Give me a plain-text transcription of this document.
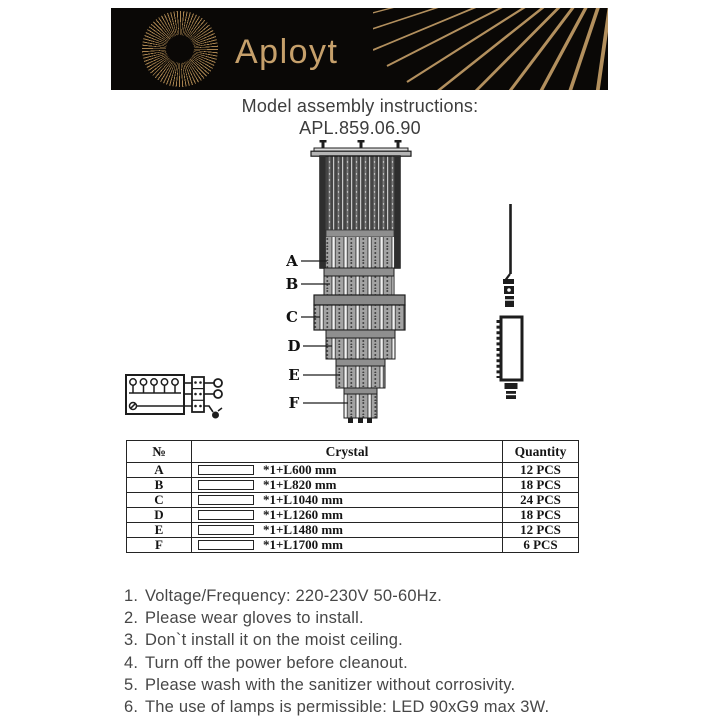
Aployt
Model assembly instructions:
APL.859.06.90
A
B
C
D
E
F
№	Crystal	Quantity
A	*1+L600 mm	12 PCS
B	*1+L820 mm	18 PCS
C	*1+L1040 mm	24 PCS
D	*1+L1260 mm	18 PCS
E	*1+L1480 mm	12 PCS
F	*1+L1700 mm	6 PCS
1. Voltage/Frequency: 220-230V 50-60Hz.
2. Please wear gloves to install.
3. Don`t install it on the moist ceiling.
4. Turn off the power before cleanout.
5. Please wash with the sanitizer without corrosivity.
6. The use of lamps is permissible: LED 90xG9 max 3W.
